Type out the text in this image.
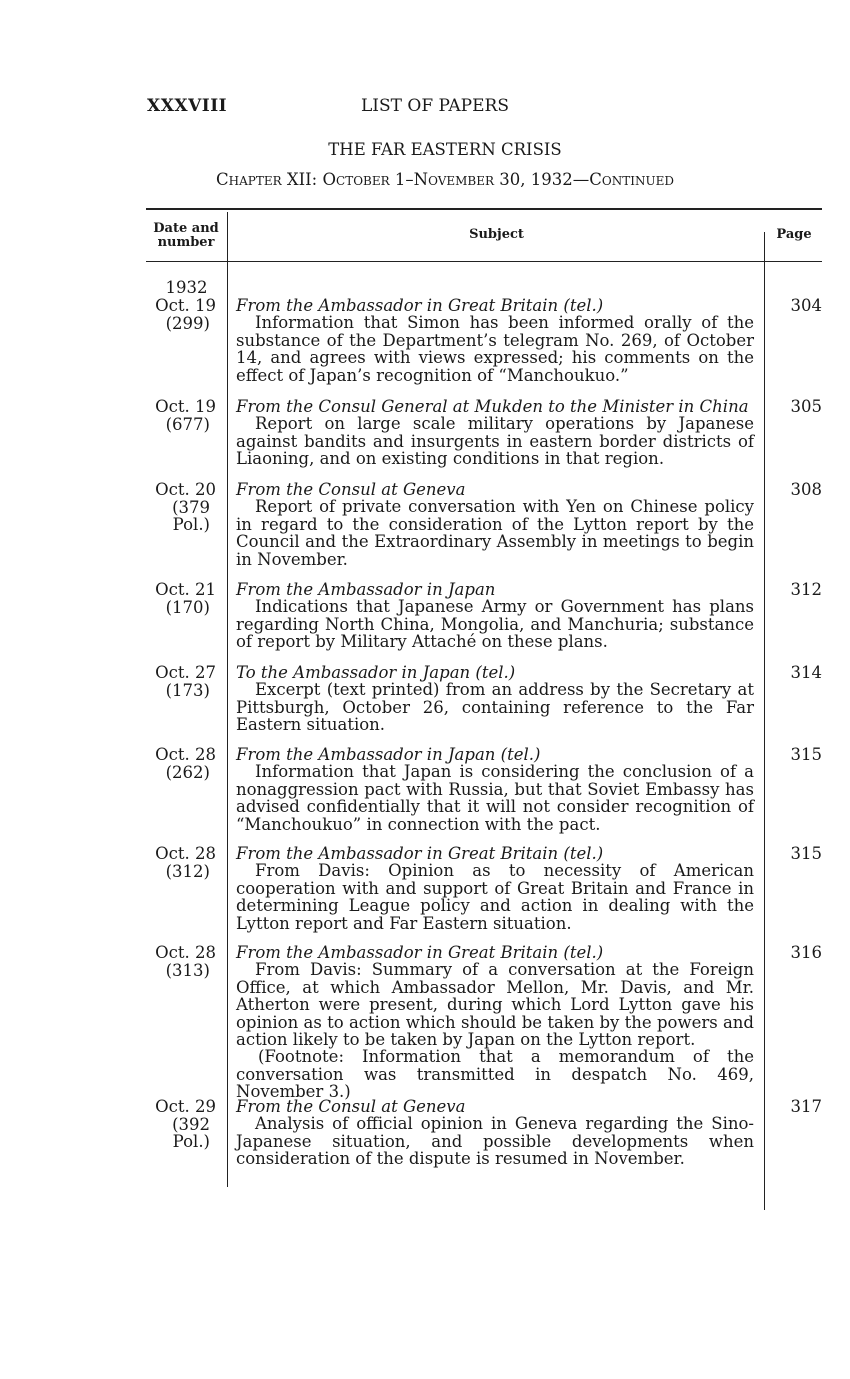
XXXVIII	LIST OF PAPERS
THE FAR EASTERN CRISIS
Chapter XII: October 1–November 30, 1932—Continued
Date and number
Subject	Page
1932
Oct. 19
(299)
From the Ambassador in Great Britain (tel.)
Information that Simon has been informed orally of the substance of the Department’s telegram No. 269, of October 14, and agrees with views expressed; his comments on the effect of Japan’s recognition of “Manchoukuo.”
304
Oct. 19
(677)
From the Consul General at Mukden to the Minister in China
Report on large scale military operations by Japanese against bandits and insurgents in eastern border districts of Liaoning, and on existing conditions in that region.
305
Oct. 20
(379 Pol.)
From the Consul at Geneva
Report of private conversation with Yen on Chinese policy in regard to the consideration of the Lytton report by the Council and the Extraordinary Assembly in meetings to begin in November.
308
Oct. 21
(170)
From the Ambassador in Japan
Indications that Japanese Army or Government has plans regarding North China, Mongolia, and Manchuria; substance of report by Military Attaché on these plans.
312
Oct. 27
(173)
To the Ambassador in Japan (tel.)
Excerpt (text printed) from an address by the Secretary at Pittsburgh, October 26, containing reference to the Far Eastern situation.
314
Oct. 28
(262)
From the Ambassador in Japan (tel.)
Information that Japan is considering the conclusion of a nonaggression pact with Russia, but that Soviet Embassy has advised confidentially that it will not consider recognition of “Manchoukuo” in connection with the pact.
315
Oct. 28
(312)
From the Ambassador in Great Britain (tel.)
From Davis: Opinion as to necessity of American cooperation with and support of Great Britain and France in determining League policy and action in dealing with the Lytton report and Far Eastern situation.
315
Oct. 28
(313)
From the Ambassador in Great Britain (tel.)
From Davis: Summary of a conversation at the Foreign Office, at which Ambassador Mellon, Mr. Davis, and Mr. Atherton were present, during which Lord Lytton gave his opinion as to action which should be taken by the powers and action likely to be taken by Japan on the Lytton report.
(Footnote: Information that a memorandum of the conversation was transmitted in despatch No. 469, November 3.)
316
Oct. 29
(392 Pol.)
From the Consul at Geneva
Analysis of official opinion in Geneva regarding the Sino-Japanese situation, and possible developments when consideration of the dispute is resumed in November.
317
